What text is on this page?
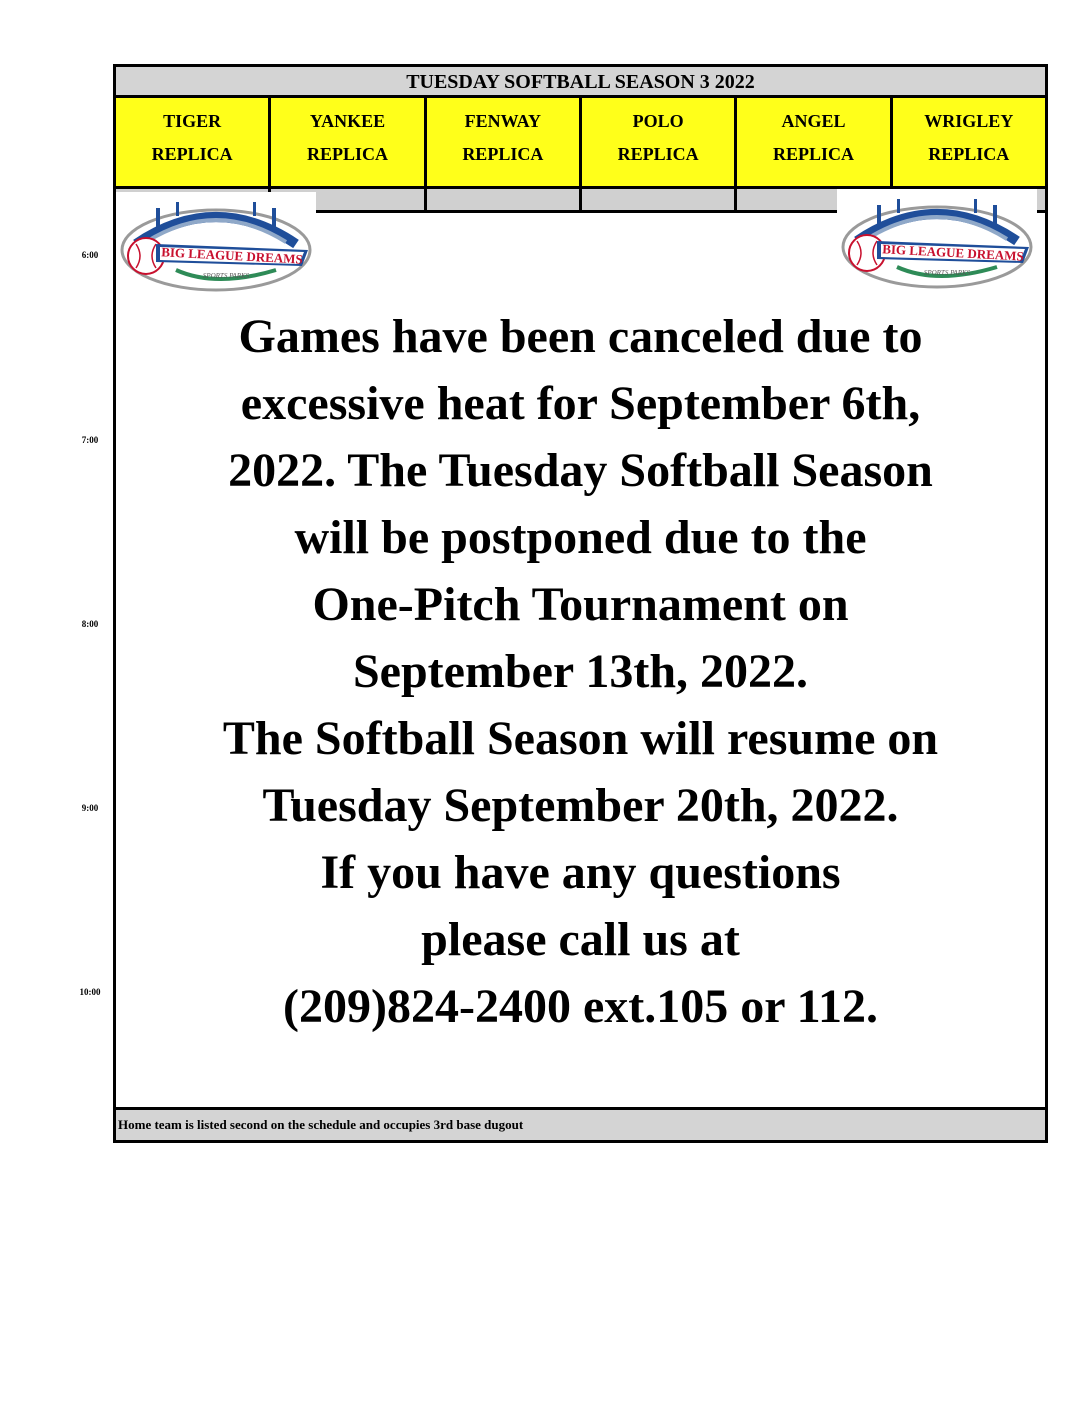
6:00
7:00
8:00
9:00
10:00
TUESDAY SOFTBALL SEASON 3 2022
TIGER
REPLICA
YANKEE
REPLICA
FENWAY
REPLICA
POLO
REPLICA
ANGEL
REPLICA
WRIGLEY
REPLICA
BIG LEAGUE DREAMS
SPORTS PARKS
BIG LEAGUE DREAMS
SPORTS PARKS
Games have been canceled due to
excessive heat for September 6th,
2022. The Tuesday Softball Season
will be postponed due to the
One-Pitch Tournament on
September 13th, 2022.
The Softball Season will resume on
Tuesday September 20th, 2022.
If you have any questions
please call us at
(209)824-2400 ext.105 or 112.
Home team is listed second on the schedule and occupies 3rd base dugout
